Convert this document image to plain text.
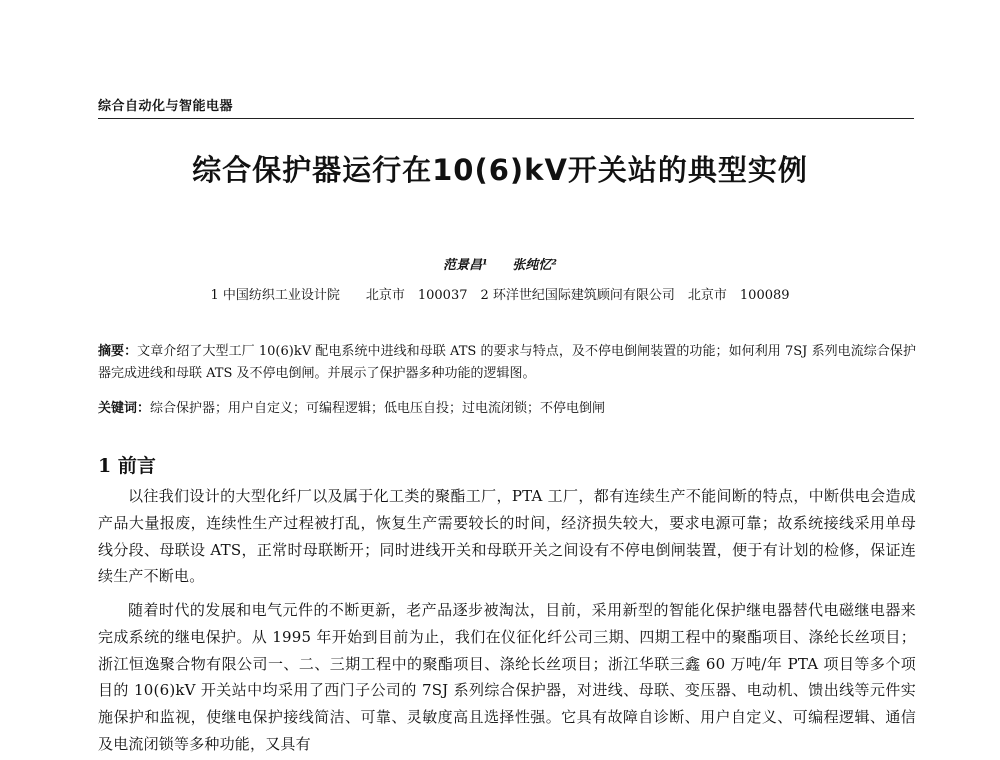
综合自动化与智能电器
综合保护器运行在10(6)kV开关站的典型实例
范景昌¹ 张纯忆²
1 中国纺织工业设计院　　北京市　100037　2 环洋世纪国际建筑顾问有限公司　北京市　100089
摘要：文章介绍了大型工厂 10(6)kV 配电系统中进线和母联 ATS 的要求与特点，及不停电倒闸装置的功能；如何利用 7SJ 系列电流综合保护器完成进线和母联 ATS 及不停电倒闸。并展示了保护器多种功能的逻辑图。
关键词：综合保护器；用户自定义；可编程逻辑；低电压自投；过电流闭锁；不停电倒闸
1 前言
以往我们设计的大型化纤厂以及属于化工类的聚酯工厂，PTA 工厂，都有连续生产不能间断的特点，中断供电会造成产品大量报废，连续性生产过程被打乱，恢复生产需要较长的时间，经济损失较大，要求电源可靠；故系统接线采用单母线分段、母联设 ATS，正常时母联断开；同时进线开关和母联开关之间设有不停电倒闸装置，便于有计划的检修，保证连续生产不断电。
随着时代的发展和电气元件的不断更新，老产品逐步被淘汰，目前，采用新型的智能化保护继电器替代电磁继电器来完成系统的继电保护。从 1995 年开始到目前为止，我们在仪征化纤公司三期、四期工程中的聚酯项目、涤纶长丝项目；浙江恒逸聚合物有限公司一、二、三期工程中的聚酯项目、涤纶长丝项目；浙江华联三鑫 60 万吨/年 PTA 项目等多个项目的 10(6)kV 开关站中均采用了西门子公司的 7SJ 系列综合保护器，对进线、母联、变压器、电动机、馈出线等元件实施保护和监视，使继电保护接线简洁、可靠、灵敏度高且选择性强。它具有故障自诊断、用户自定义、可编程逻辑、通信及电流闭锁等多种功能，又具有
